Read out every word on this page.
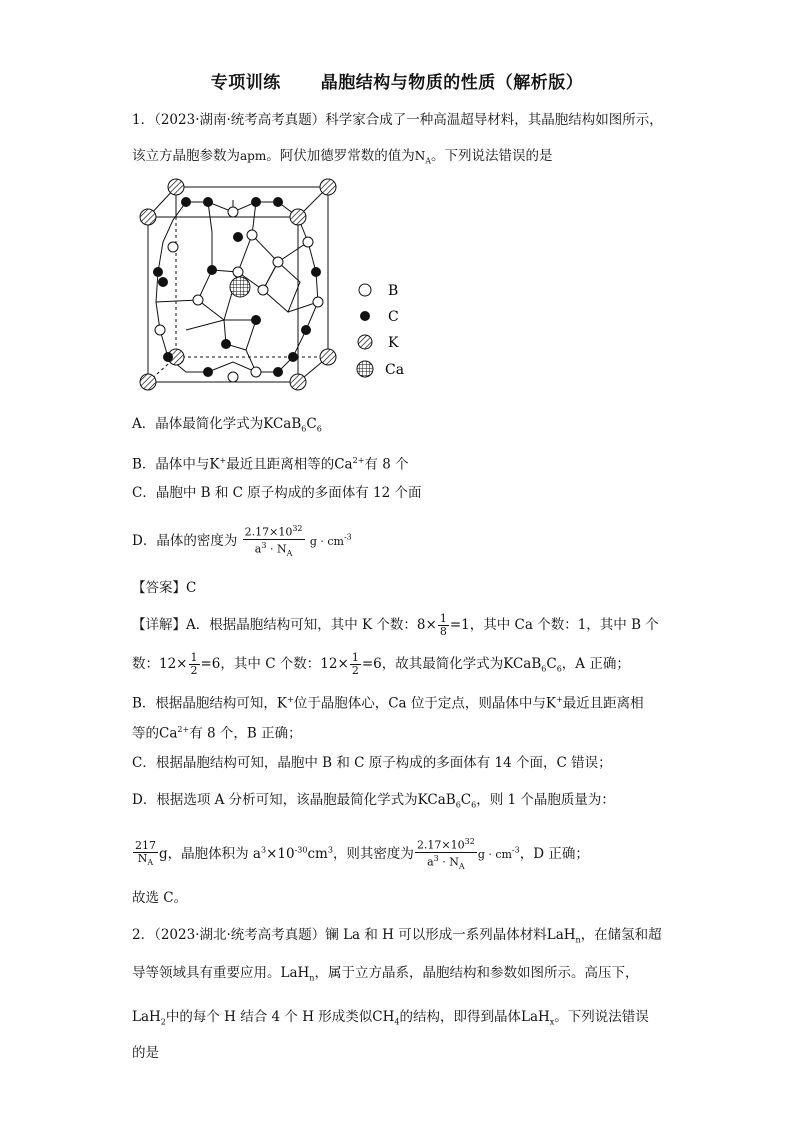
专项训练 晶胞结构与物质的性质（解析版）
1．（2023·湖南·统考高考真题）科学家合成了一种高温超导材料，其晶胞结构如图所示，
该立方晶胞参数为apm。阿伏加德罗常数的值为$N_A$。下列说法错误的是
B
C
K
Ca
A．晶体最简化学式为$KCaB_6C_6$
B．晶体中与K+最近且距离相等的$Ca^{2+}$有 8 个
C．晶胞中 B 和 C 原子构成的多面体有 12 个面
D．晶体的密度为 $\frac{2.17\times 10^{32}}{a^3 \cdot N_A}$ $g \cdot cm^{-3}$
【答案】C
【详解】A．根据晶胞结构可知，其中 K 个数：$8\times \frac{1}{8} =1$，其中 Ca 个数：1，其中 B 个
数：$12\times \frac{1}{2} =6$，其中 C 个数：$12\times \frac{1}{2} =6$，故其最简化学式为$KCaB_6C_6$，A 正确；
B．根据晶胞结构可知，K+位于晶胞体心，Ca 位于定点，则晶体中与K+最近且距离相
等的$Ca^{2+}$有 8 个，B 正确；
C．根据晶胞结构可知，晶胞中 B 和 C 原子构成的多面体有 14 个面，C 错误；
D．根据选项 A 分析可知，该晶胞最简化学式为$KCaB_6C_6$，则 1 个晶胞质量为：
$\frac{217}{N_A}$ g，晶胞体积为 $a^3\times 10^{-30}cm^3$，则其密度为 $\frac{2.17\times 10^{32}}{a^3 \cdot N_A}$ $g \cdot cm^{-3}$，D 正确；
故选 C。
2．（2023·湖北·统考高考真题）镧 La 和 H 可以形成一系列晶体材料LaH$_n$，在储氢和超
导等领域具有重要应用。LaH$_n$，属于立方晶系，晶胞结构和参数如图所示。高压下，
LaH$_2$中的每个 H 结合 4 个 H 形成类似$CH_4$的结构，即得到晶体LaH$_x$。下列说法错误
的是
